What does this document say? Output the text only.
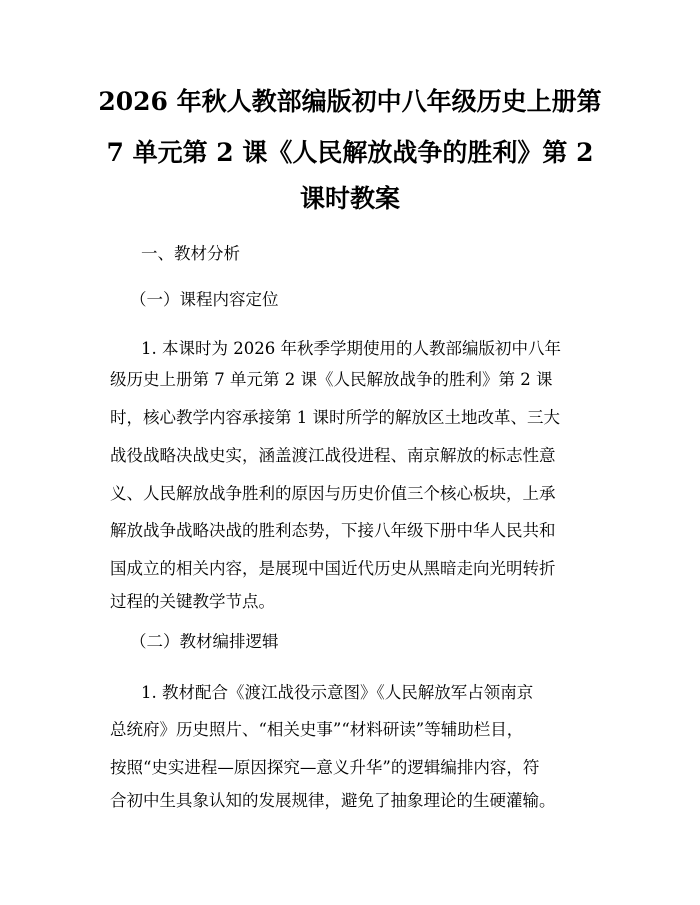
2026 年秋人教部编版初中八年级历史上册第

7 单元第 2 课《人民解放战争的胜利》第 2

课时教案

一、教材分析

（一）课程内容定位

1. 本课时为 2026 年秋季学期使用的人教部编版初中八年

级历史上册第 7 单元第 2 课《人民解放战争的胜利》第 2 课

时，核心教学内容承接第 1 课时所学的解放区土地改革、三大

战役战略决战史实，涵盖渡江战役进程、南京解放的标志性意

义、人民解放战争胜利的原因与历史价值三个核心板块，上承

解放战争战略决战的胜利态势，下接八年级下册中华人民共和

国成立的相关内容，是展现中国近代历史从黑暗走向光明转折

过程的关键教学节点。

（二）教材编排逻辑

1. 教材配合《渡江战役示意图》《人民解放军占领南京

总统府》历史照片、“相关史事”“材料研读”等辅助栏目，

按照“史实进程—原因探究—意义升华”的逻辑编排内容，符

合初中生具象认知的发展规律，避免了抽象理论的生硬灌输。
